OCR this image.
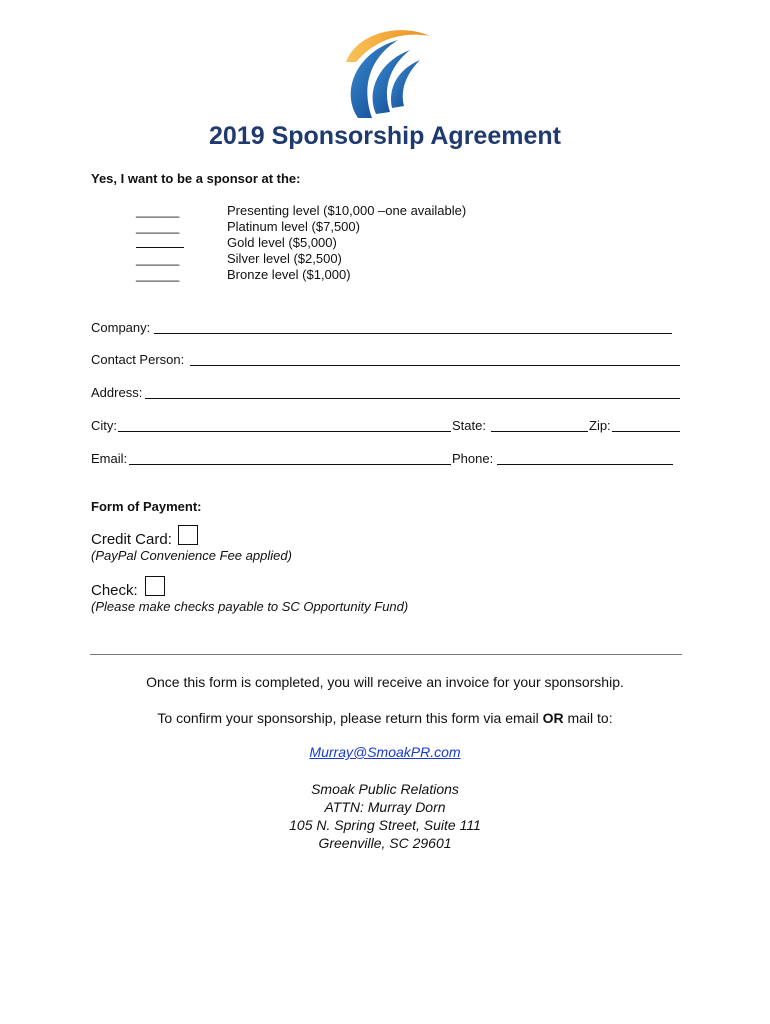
2019 Sponsorship Agreement
Yes, I want to be a sponsor at the:
______	Presenting level ($10,000 –one available)
______	Platinum level ($7,500)
Gold level ($5,000)
______	Silver level ($2,500)
______	Bronze level ($1,000)
Company:
Contact Person:
Address:
City:	State:	Zip:
Email:	Phone:
Form of Payment:
Credit Card:
(PayPal Convenience Fee applied)
Check:
(Please make checks payable to SC Opportunity Fund)
Once this form is completed, you will receive an invoice for your sponsorship.
To confirm your sponsorship, please return this form via email OR mail to:
Murray@SmoakPR.com
Smoak Public Relations
ATTN: Murray Dorn
105 N. Spring Street, Suite 111
Greenville, SC 29601
